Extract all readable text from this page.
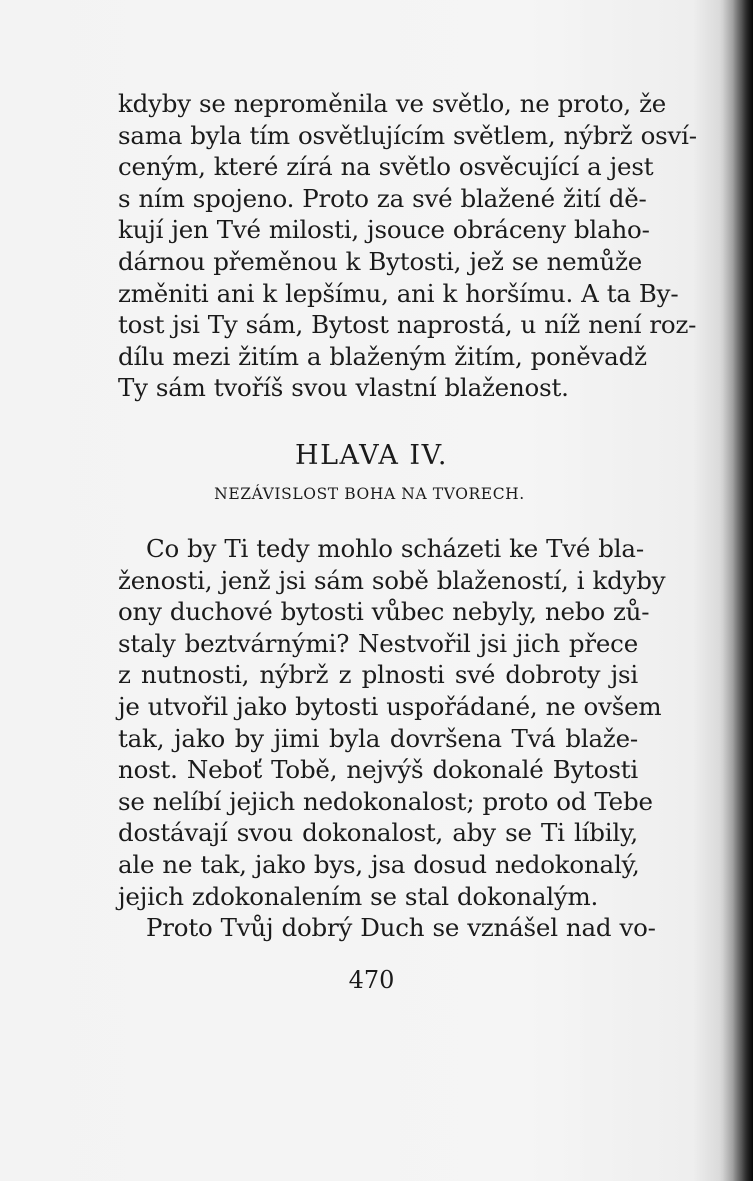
kdyby se neproměnila ve světlo, ne proto, že
sama byla tím osvětlujícím světlem, nýbrž osví-
ceným, které zírá na světlo osvěcující a jest
s ním spojeno. Proto za své blažené žití dě-
kují jen Tvé milosti, jsouce obráceny blaho-
dárnou přeměnou k Bytosti, jež se nemůže
změniti ani k lepšímu, ani k horšímu. A ta By-
tost jsi Ty sám, Bytost naprostá, u níž není roz-
dílu mezi žitím a blaženým žitím, poněvadž
Ty sám tvoříš svou vlastní blaženost.
HLAVA IV.
NEZÁVISLOST BOHA NA TVORECH.
Co by Ti tedy mohlo scházeti ke Tvé bla-
ženosti, jenž jsi sám sobě blažeností, i kdyby
ony duchové bytosti vůbec nebyly, nebo zů-
staly beztvárnými? Nestvořil jsi jich přece
z nutnosti, nýbrž z plnosti své dobroty jsi
je utvořil jako bytosti uspořádané, ne ovšem
tak, jako by jimi byla dovršena Tvá blaže-
nost. Neboť Tobě, nejvýš dokonalé Bytosti
se nelíbí jejich nedokonalost; proto od Tebe
dostávají svou dokonalost, aby se Ti líbily,
ale ne tak, jako bys, jsa dosud nedokonalý,
jejich zdokonalením se stal dokonalým.
Proto Tvůj dobrý Duch se vznášel nad vo-
470
